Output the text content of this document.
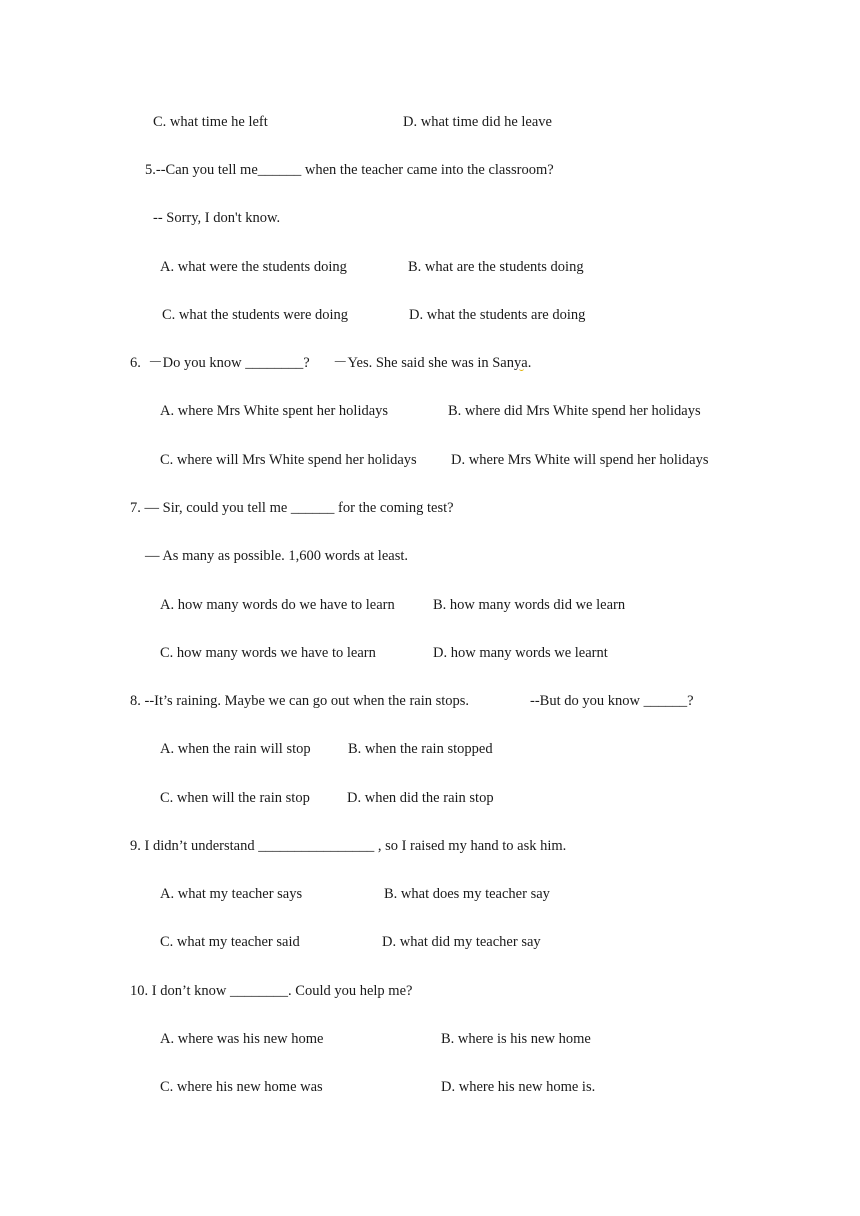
C. what time he left	D. what time did he leave
5.--Can you tell me______ when the teacher came into the classroom?
-- Sorry, I don't know.
A. what were the students doing	B. what are the students doing
C. what the students were doing	D. what the students are doing
6.  －Do you know ________? －Yes. She said she was in Sanya
.
A. where Mrs White spent her holidays	B. where did Mrs White spend her holidays
C. where will Mrs White spend her holidays D. where Mrs White will spend her holidays
7. — Sir, could you tell me ______ for the coming test?
— As many as possible. 1,600 words at least.
A. how many words do we have to learn	B. how many words did we learn
C. how many words we have to learn	D. how many words we learnt
8. --It’s raining. Maybe we can go out when the rain stops.	--But do you know ______?
A. when the rain will stop	B. when the rain stopped
C. when will the rain stop	D. when did the rain stop
9. I didn’t understand ________________ , so I raised my hand to ask him.
A. what my teacher says	B. what does my teacher say
C. what my teacher said	D. what did my teacher say
10. I don’t know ________. Could you help me?
A. where was his new home	B. where is his new home
C. where his new home was	D. where his new home is.
